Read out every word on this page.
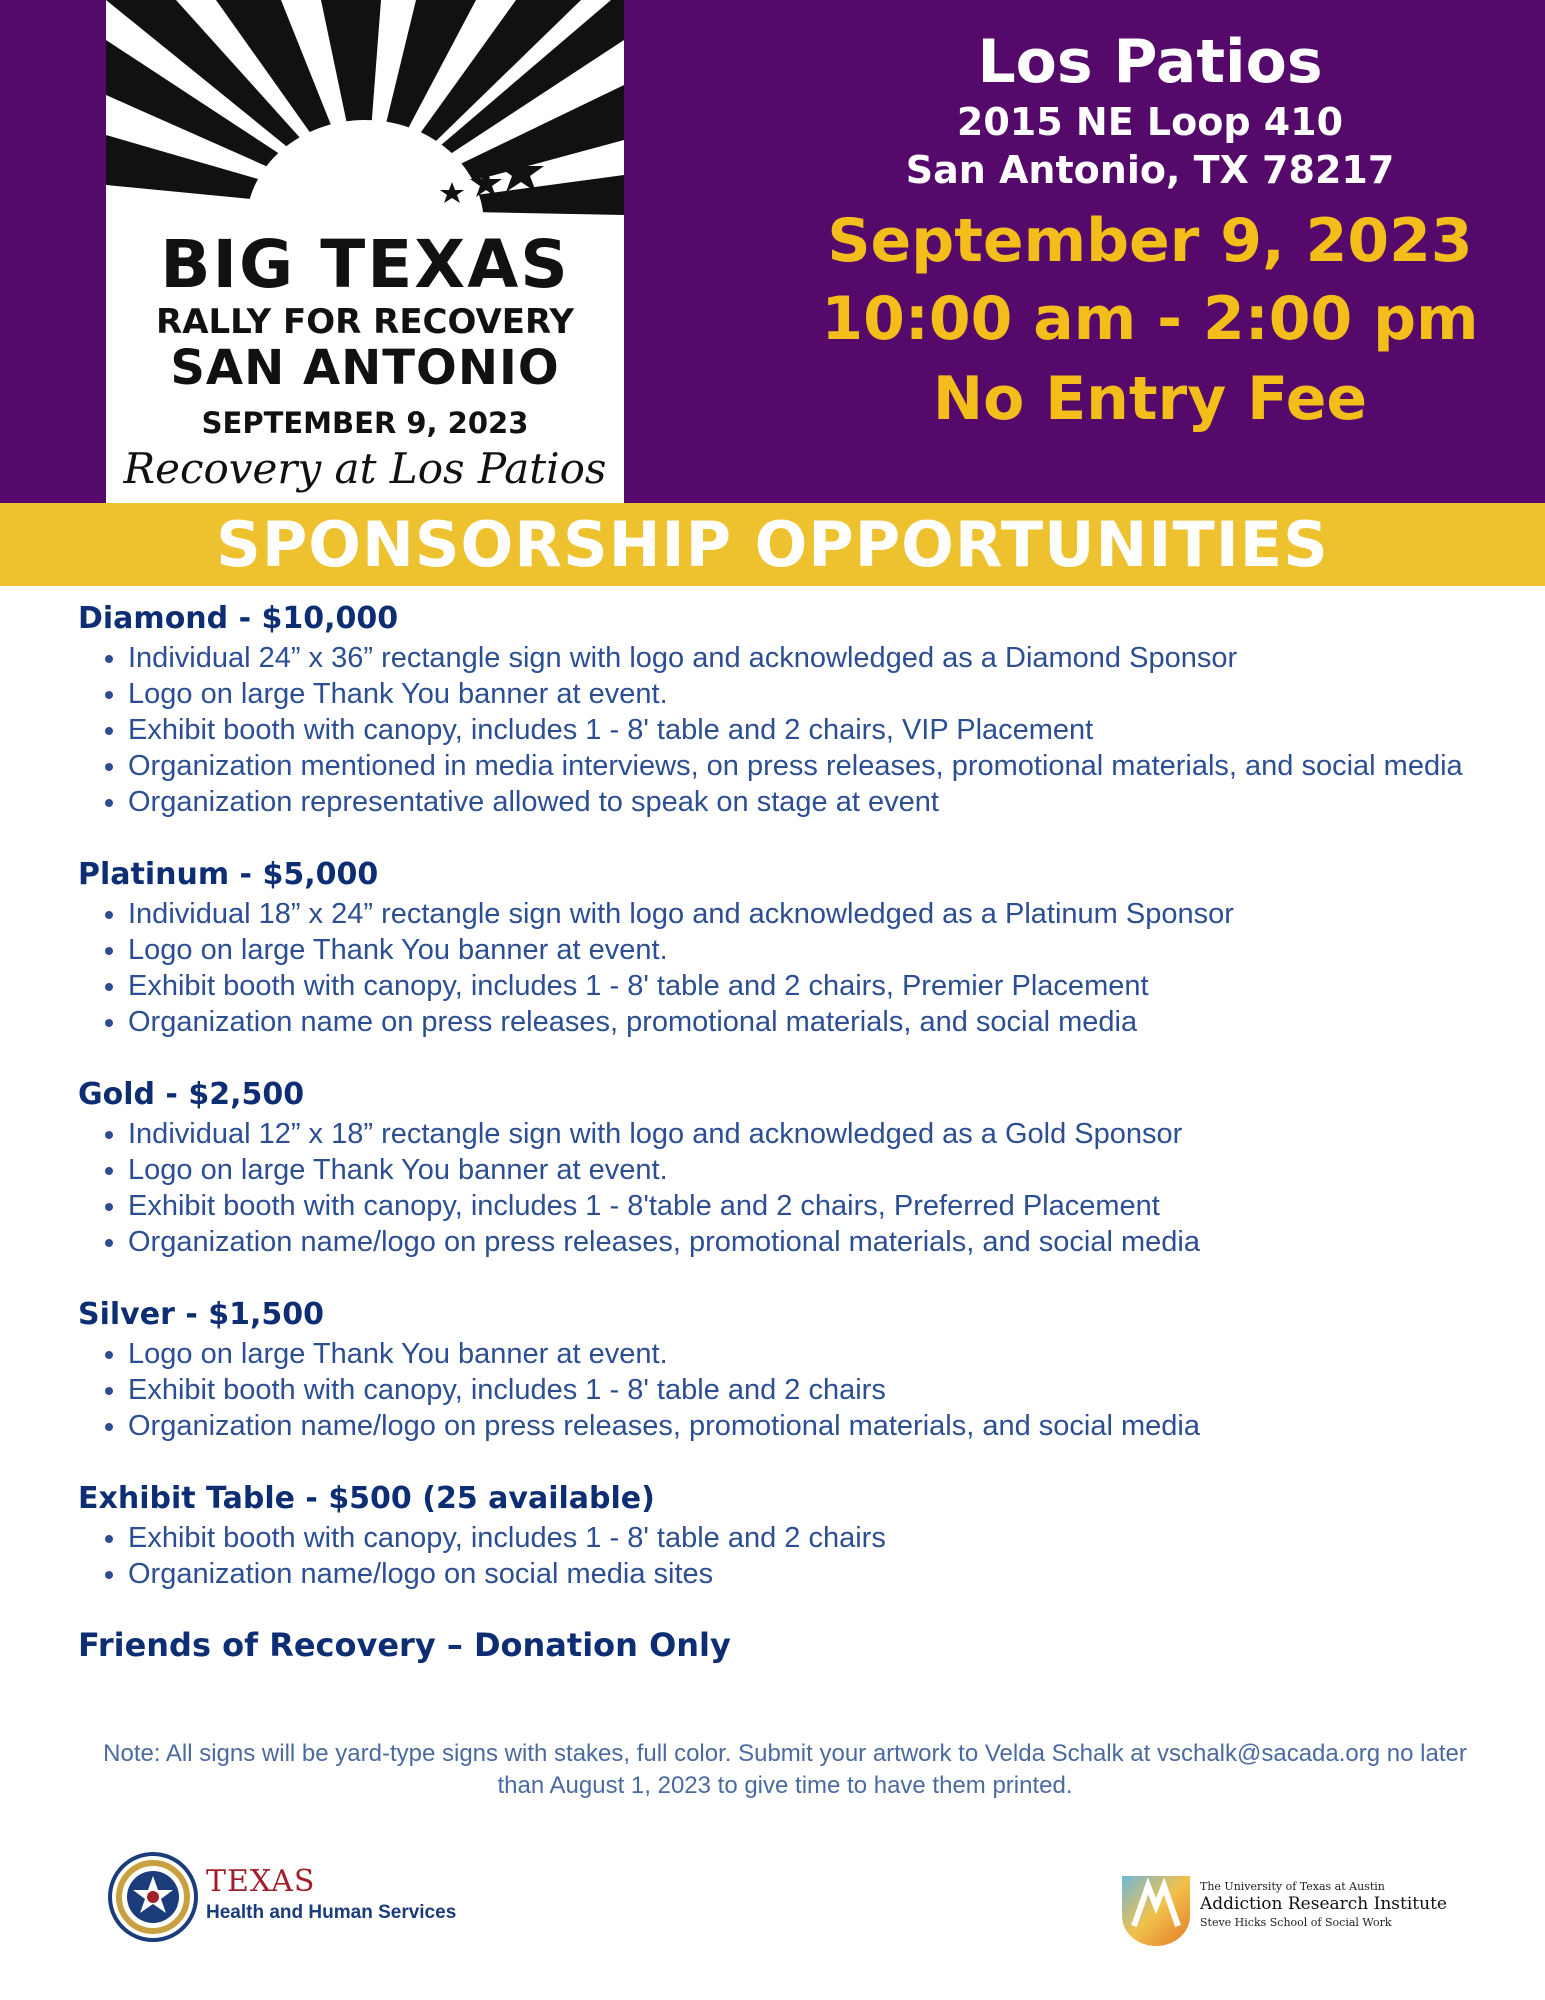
BIG TEXAS
RALLY FOR RECOVERY
SAN ANTONIO
SEPTEMBER 9, 2023
Recovery at Los Patios
Los Patios
2015 NE Loop 410
San Antonio, TX 78217
September 9, 2023
10:00 am - 2:00 pm
No Entry Fee
SPONSORSHIP OPPORTUNITIES
Diamond - $10,000
• Individual 24” x 36” rectangle sign with logo and acknowledged as a Diamond Sponsor
• Logo on large Thank You banner at event.
• Exhibit booth with canopy, includes 1 - 8' table and 2 chairs, VIP Placement
• Organization mentioned in media interviews, on press releases, promotional materials, and social media
• Organization representative allowed to speak on stage at event
Platinum - $5,000
• Individual 18” x 24” rectangle sign with logo and acknowledged as a Platinum Sponsor
• Logo on large Thank You banner at event.
• Exhibit booth with canopy, includes 1 - 8' table and 2 chairs, Premier Placement
• Organization name on press releases, promotional materials, and social media
Gold - $2,500
• Individual 12” x 18” rectangle sign with logo and acknowledged as a Gold Sponsor
• Logo on large Thank You banner at event.
• Exhibit booth with canopy, includes 1 - 8'table and 2 chairs, Preferred Placement
• Organization name/logo on press releases, promotional materials, and social media
Silver - $1,500
• Logo on large Thank You banner at event.
• Exhibit booth with canopy, includes 1 - 8' table and 2 chairs
• Organization name/logo on press releases, promotional materials, and social media
Exhibit Table - $500 (25 available)
• Exhibit booth with canopy, includes 1 - 8' table and 2 chairs
• Organization name/logo on social media sites
Friends of Recovery – Donation Only
Note: All signs will be yard-type signs with stakes, full color. Submit your artwork to Velda Schalk at vschalk@sacada.org no later than August 1, 2023 to give time to have them printed.
TEXAS
Health and Human Services
The University of Texas at Austin
Addiction Research Institute
Steve Hicks School of Social Work
